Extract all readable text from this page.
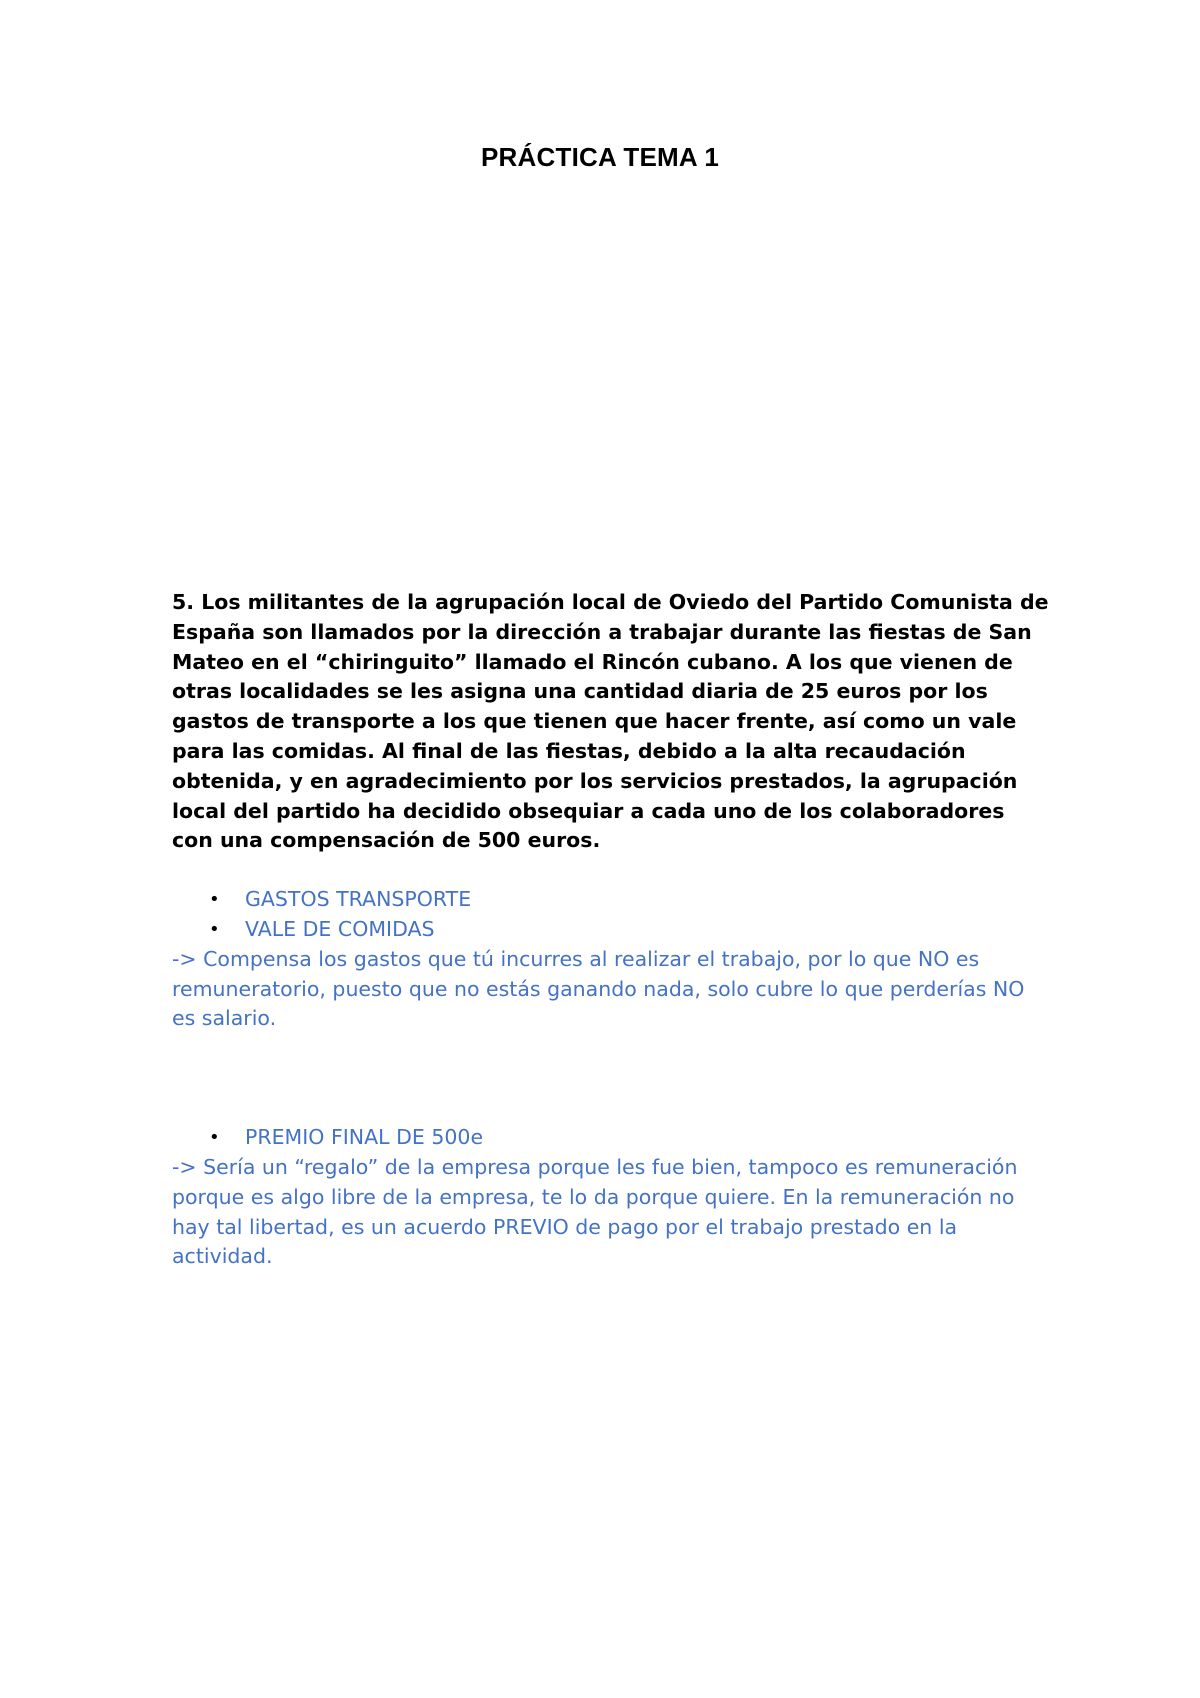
PRÁCTICA TEMA 1

5. Los militantes de la agrupación local de Oviedo del Partido Comunista de España son llamados por la dirección a trabajar durante las fiestas de San Mateo en el “chiringuito” llamado el Rincón cubano. A los que vienen de otras localidades se les asigna una cantidad diaria de 25 euros por los gastos de transporte a los que tienen que hacer frente, así como un vale para las comidas. Al final de las fiestas, debido a la alta recaudación obtenida, y en agradecimiento por los servicios prestados, la agrupación local del partido ha decidido obsequiar a cada uno de los colaboradores con una compensación de 500 euros.

• GASTOS TRANSPORTE
• VALE DE COMIDAS

-> Compensa los gastos que tú incurres al realizar el trabajo, por lo que NO es remuneratorio, puesto que no estás ganando nada, solo cubre lo que perderías NO es salario.

• PREMIO FINAL DE 500e

-> Sería un “regalo” de la empresa porque les fue bien, tampoco es remuneración porque es algo libre de la empresa, te lo da porque quiere. En la remuneración no hay tal libertad, es un acuerdo PREVIO de pago por el trabajo prestado en la actividad.
